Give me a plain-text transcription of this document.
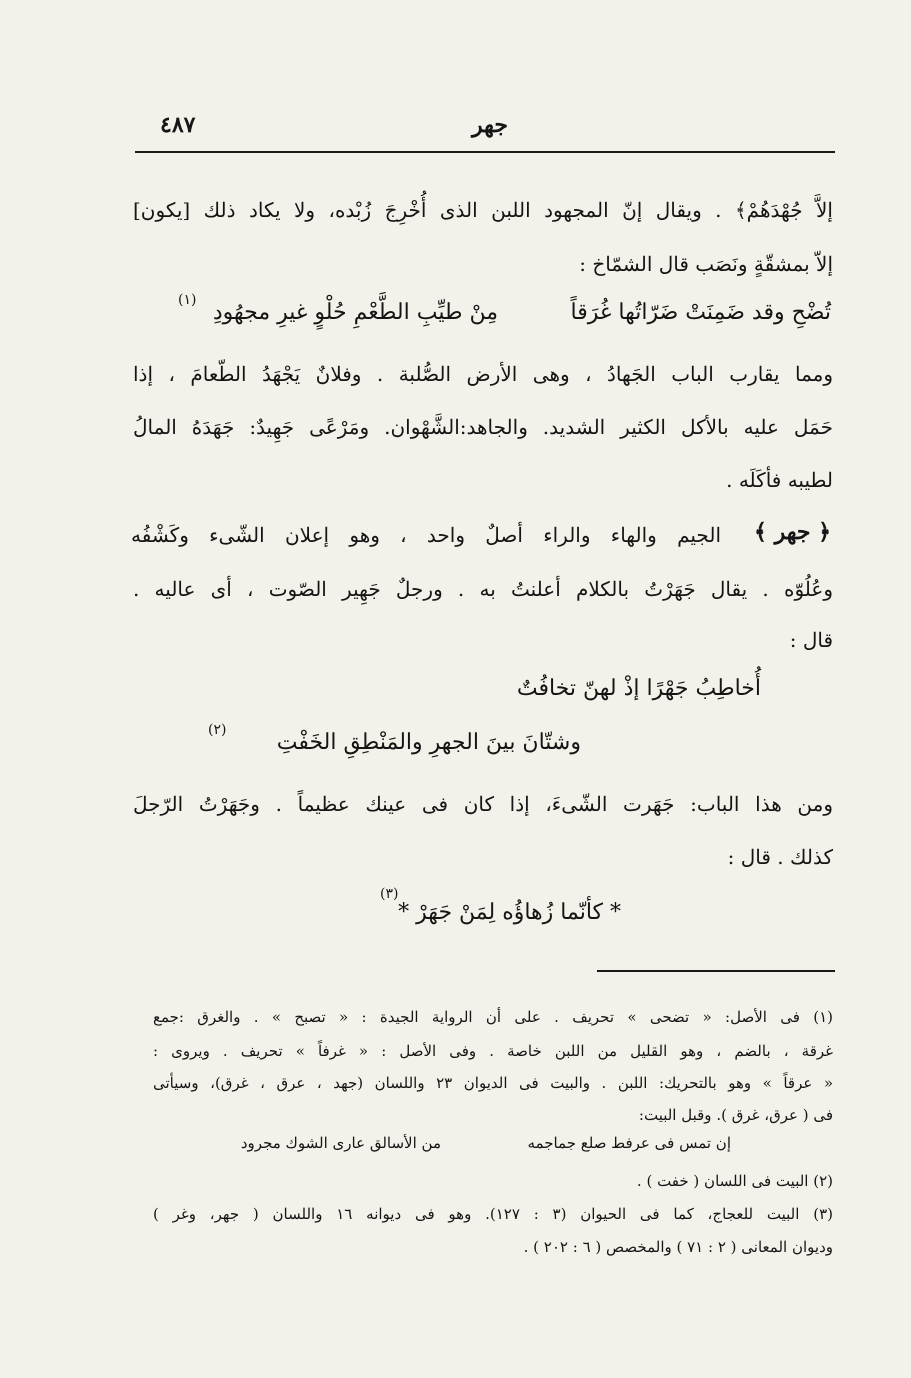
٤٨٧	جهر
إلاَّ جُهْدَهُمْ﴾ . ويقال إنّ المجهود اللبن الذى أُخْرِجَ زُبْده، ولا يكاد ذلك [يكون]
إلاّ بمشقّةٍ ونَصَب قال الشمّاخ :
تُضْحِ وقد ضَمِنَتْ ضَرّاتُها غُرَقاً
مِنْ طيِّبِ الطَّعْمِ حُلْوٍ غيرِ مجهُودِ
(١)
ومما يقارب الباب الجَهادُ ، وهى الأرض الصُّلبة . وفلانٌ يَجْهَدُ الطّعامَ ، إذا
حَمَل عليه بالأكل الكثير الشديد. والجاهد:الشَّهْوان. ومَرْعًى جَهِيدٌ: جَهَدَهُ المالُ
لطيبه فأكَلَه .
﴿ جهر ﴾
الجيم والهاء والراء أصلٌ واحد ، وهو إعلان الشّىء وكَشْفُه
وعُلُوّه . يقال جَهَرْتُ بالكلام أعلنتُ به . ورجلٌ جَهِير الصّوت ، أى عاليه .
قال :
أُخاطِبُ جَهْرًا إذْ لهنّ تخافُتٌ
وشتّانَ بينَ الجهرِ والمَنْطِقِ الخَفْتِ
(٢)
ومن هذا الباب: جَهَرت الشّىءَ، إذا كان فى عينك عظيماً . وجَهَرْتُ الرّجلَ
كذلك . قال :
* كأنّما زُهاؤُه لِمَنْ جَهَرْ *
(٣)
(١) فى الأصل: « تضحى » تحريف . على أن الرواية الجيدة : « تصبح » . والغرق :جمع
غرقة ، بالضم ، وهو القليل من اللبن خاصة . وفى الأصل : « غرفاً » تحريف . ويروى :
« عرقاً » وهو بالتحريك: اللبن . والبيت فى الديوان ٢٣ واللسان (جهد ، عرق ، غرق)، وسيأتى
فى ( عرق، غرق ). وقبل البيت:
إن تمس فى عرفط صلع جماجمه
من الأسالق عارى الشوك مجرود
(٢) البيت فى اللسان ( خفت ) .
(٣) البيت للعجاج، كما فى الحيوان (٣ : ١٢٧). وهو فى ديوانه ١٦ واللسان ( جهر، وغر )
وديوان المعانى ( ٢ : ٧١ ) والمخصص ( ٦ : ٢٠٢ ) .
